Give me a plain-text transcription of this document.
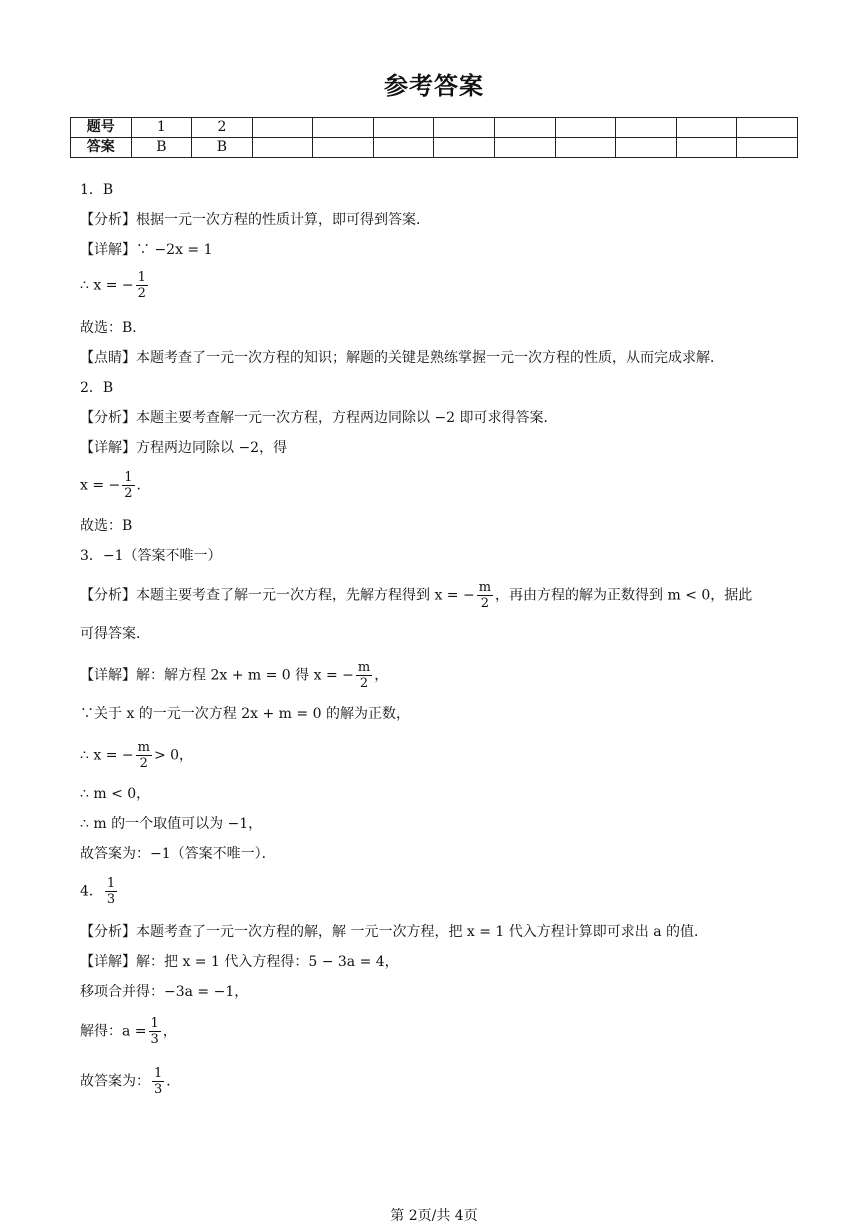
参考答案
题号	1	2									
答案	B	B									
1．B
【分析】根据一元一次方程的性质计算，即可得到答案．
【详解】∵ −2x = 1
∴ x = − $\frac{1}{2}$
故选：B．
【点睛】本题考查了一元一次方程的知识；解题的关键是熟练掌握一元一次方程的性质，从而完成求解．
2．B
【分析】本题主要考查解一元一次方程，方程两边同除以 −2 即可求得答案．
【详解】方程两边同除以 −2，得
x = − $\frac{1}{2}$ ．
故选：B
3．−1（答案不唯一）
【分析】本题主要考查了解一元一次方程，先解方程得到 x = − $\frac{m}{2}$ ，再由方程的解为正数得到 m < 0，据此
可得答案．
【详解】解：解方程 2x + m = 0 得 x = − $\frac{m}{2}$ ，
∵关于 x 的一元一次方程 2x + m = 0 的解为正数，
∴ x = − $\frac{m}{2} > 0$，
∴ m < 0，
∴ m 的一个取值可以为 −1，
故答案为：−1（答案不唯一）．
4． $\frac{1}{3}$
【分析】本题考查了一元一次方程的解，解 一元一次方程，把 x = 1 代入方程计算即可求出 a 的值．
【详解】解：把 x = 1 代入方程得：5 − 3a = 4，
移项合并得：−3a = −1，
解得：$a = \frac{1}{3}$ ，
故答案为： $\frac{1}{3}$ ．
第 2页/共 4页
